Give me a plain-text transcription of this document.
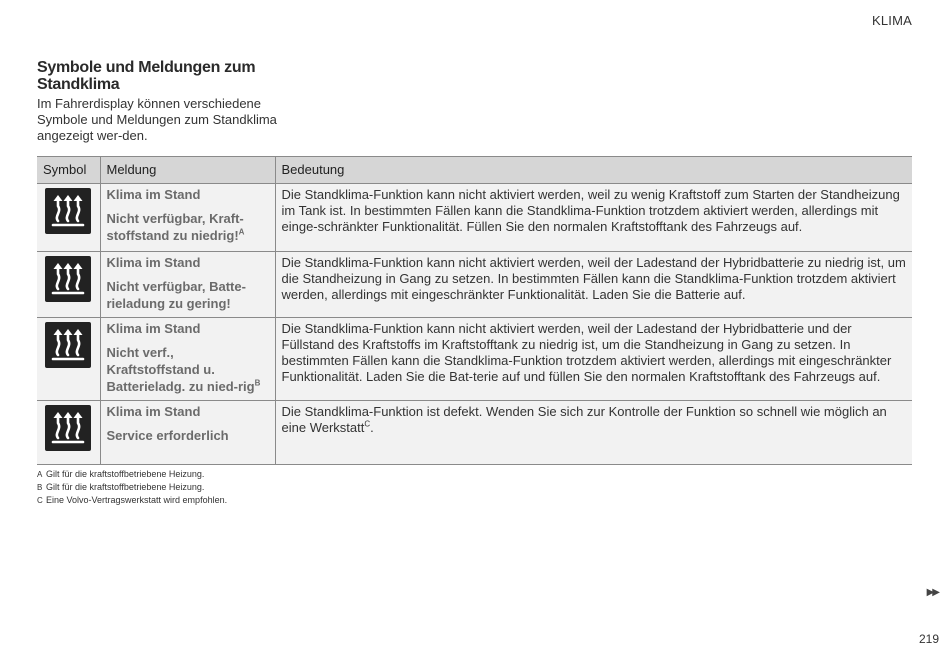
KLIMA
Symbole und Meldungen zum
Standklima
Im Fahrerdisplay können verschiedene Symbole und Meldungen zum Standklima angezeigt wer-den.
Symbol	Meldung	Bedeutung

Klima im Stand
Nicht verfügbar, Kraft-stoffstand zu niedrig!$^A$	Die Standklima-Funktion kann nicht aktiviert werden, weil zu wenig Kraftstoff zum Starten der Standheizung im Tank ist. In bestimmten Fällen kann die Standklima-Funktion trotzdem aktiviert werden, allerdings mit einge-schränkter Funktionalität. Füllen Sie den normalen Kraftstofftank des Fahrzeugs auf.

Klima im Stand
Nicht verfügbar, Batte-rieladung zu gering!	Die Standklima-Funktion kann nicht aktiviert werden, weil der Ladestand der Hybridbatterie zu niedrig ist, um die Standheizung in Gang zu setzen. In bestimmten Fällen kann die Standklima-Funktion trotzdem aktiviert werden, allerdings mit eingeschränkter Funktionalität. Laden Sie die Batterie auf.

Klima im Stand
Nicht verf., Kraftstoffstand u. Batterieladg. zu nied-rig$^B$	Die Standklima-Funktion kann nicht aktiviert werden, weil der Ladestand der Hybridbatterie und der Füllstand des Kraftstoffs im Kraftstofftank zu niedrig ist, um die Standheizung in Gang zu setzen. In bestimmten Fällen kann die Standklima-Funktion trotzdem aktiviert werden, allerdings mit eingeschränkter Funktionalität. Laden Sie die Bat-terie auf und füllen Sie den normalen Kraftstofftank des Fahrzeugs auf.

Klima im Stand
Service erforderlich	Die Standklima-Funktion ist defekt. Wenden Sie sich zur Kontrolle der Funktion so schnell wie möglich an eine Werkstatt$^C$.
A Gilt für die kraftstoffbetriebene Heizung.
B Gilt für die kraftstoffbetriebene Heizung.
C Eine Volvo-Vertragswerkstatt wird empfohlen.
▶▶
219
